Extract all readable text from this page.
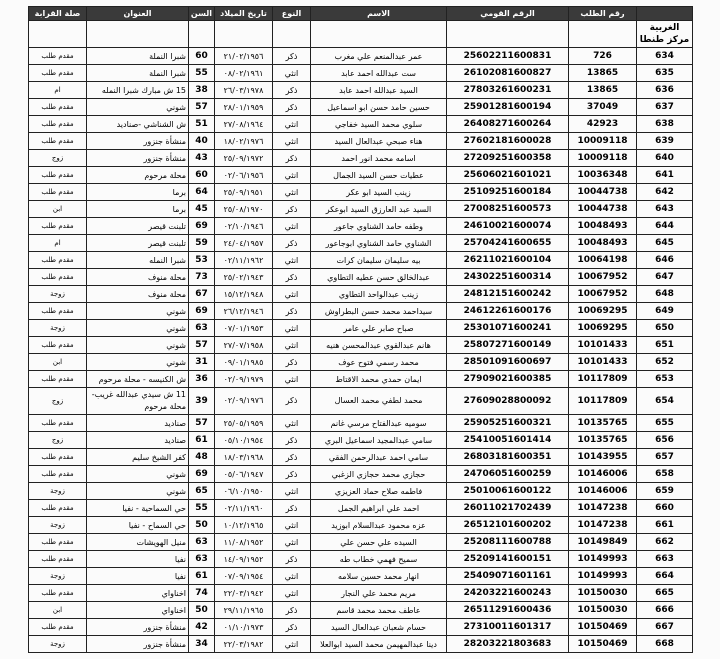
	رقم الطلب	الرقم القومي	الاسم	النوع	تاريخ الميلاد	السن	العنوان	صلة القرابة

الغربية
مركز طنطا								

634	726	25602211600831	عمر عبدالمنعم علي مغرب	ذكر	٢١/٠٢/١٩٥٦	60	شبرا النملة	مقدم طلب
635	13865	26102081600827	ست عبدالله احمد عابد	انثي	٠٨/٠٢/١٩٦١	55	شبرا النملة	مقدم طلب
636	13865	27803261600231	السيد عبدالله احمد عابد	ذكر	٢٦/٠٣/١٩٧٨	38	15 ش مبارك شبرا النمله	ام
637	37049	25901281600194	حسين حامد حسن ابو اسماعيل	ذكر	٢٨/٠١/١٩٥٩	57	شوني	مقدم طلب
638	42923	26408271600264	سلوي محمد السيد خفاجي	انثي	٢٧/٠٨/١٩٦٤	51	ش الشناشي -صناديد	مقدم طلب
639	10009118	27602181600028	هناء صبحي عبدالعال السيد	انثي	١٨/٠٢/١٩٧٦	40	منشأة جنزور	مقدم طلب
640	10009118	27209251600358	اسامه محمد انور احمد	ذكر	٢٥/٠٩/١٩٧٢	43	منشأة جنزور	زوج
641	10036348	25606021601021	عطيات حسن السيد الجمال	انثي	٠٢/٠٦/١٩٥٦	60	محلة مرحوم	مقدم طلب
642	10044738	25109251600184	زينب السيد ابو عكر	انثي	٢٥/٠٩/١٩٥١	64	برما	مقدم طلب
643	10044738	27008251600573	السيد عبد العارزق السيد ابوعكر	ذكر	٢٥/٠٨/١٩٧٠	45	برما	ابن
644	10048493	24610021600074	وطفه حامد الشناوي جاعور	انثي	٠٢/١٠/١٩٤٦	69	تلبنت قيصر	مقدم طلب
645	10048493	25704241600655	الشناوي حامد الشناوي ابوجاعور	ذكر	٢٤/٠٤/١٩٥٧	59	تلبنت قيصر	ام
646	10064198	26211021600104	بيه سليمان سليمان كرات	انثي	٠٢/١١/١٩٦٢	53	شبرا النمله	مقدم طلب
647	10067952	24302251600314	عبدالخالق حسن عطيه التطاوي	ذكر	٢٥/٠٢/١٩٤٣	73	محلة منوف	مقدم طلب
648	10067952	24812151600242	زينب عبدالواحد التطاوي	انثي	١٥/١٢/١٩٤٨	67	محلة منوف	زوجة
649	10069295	24612261600176	سيداحمد محمد حسن البطراوش	ذكر	٢٦/١٢/١٩٤٦	69	شوني	مقدم طلب
650	10069295	25301071600241	صباح صابر علي عامر	انثي	٠٧/٠١/١٩٥٣	63	شوني	زوجة
651	10101433	25807271600149	هانم عبدالقوي عبدالمحسن هنيه	انثي	٢٧/٠٧/١٩٥٨	57	شوني	مقدم طلب
652	10101433	28501091600697	محمد رسمي فتوح عوف	ذكر	٠٩/٠١/١٩٨٥	31	شوني	ابن
653	10117809	27909021600385	ايمان حمدي محمد الاقتاط	انثي	٠٢/٠٩/١٩٧٩	36	ش الكنيسه - محلة مرحوم	مقدم طلب
654	10117809	27609028800092	محمد لطفي محمد العسال	ذكر	٠٢/٠٩/١٩٧٦	39	11 ش سيدي عبدالله غريب-محلة مرحوم	زوج
655	10135765	25905251600321	سوميه عبدالفتاح مرسي غانم	انثي	٢٥/٠٥/١٩٥٩	57	صناديد	مقدم طلب
656	10135765	25410051601414	سامي عبدالمجيد اسماعيل البري	ذكر	٠٥/١٠/١٩٥٤	61	صناديد	زوج
657	10143955	26803181600351	سامي احمد عبدالرحمن الفقي	ذكر	١٨/٠٣/١٩٦٨	48	كفر الشيخ سليم	مقدم طلب
658	10146006	24706051600259	حجازي محمد حجازي الزغبي	ذكر	٠٥/٠٦/١٩٤٧	69	شوني	مقدم طلب
659	10146006	25010061600122	فاطمه صلاح حماد العزيزي	انثي	٠٦/١٠/١٩٥٠	65	شوني	زوجة
660	10147238	26011021702439	احمد علي ابراهيم الجمل	ذكر	٠٢/١١/١٩٦٠	55	حي السماحية - نفيا	مقدم طلب
661	10147238	26512101600202	عزه محمود عبدالسلام ابوزيد	انثي	١٠/١٢/١٩٦٥	50	حي السماح - نفيا	زوجة
662	10149849	25208111600788	السيده علي حسن علي	انثي	١١/٠٨/١٩٥٢	63	منيل الهويشات	مقدم طلب
663	10149993	25209141600151	سميح فهمي خطاب طه	ذكر	١٤/٠٩/١٩٥٢	63	نفيا	مقدم طلب
664	10149993	25409071601161	انهار محمد حسين سلامه	انثي	٠٧/٠٩/١٩٥٤	61	نفيا	زوجة
665	10150030	24203221600243	مريم محمد علي النجار	انثي	٢٢/٠٣/١٩٤٢	74	اخناواي	مقدم طلب
666	10150030	26511291600436	عاطف محمد محمد قاسم	ذكر	٢٩/١١/١٩٦٥	50	اخناواي	ابن
667	10150469	27310011601317	حسام شعبان عبدالعال السيد	ذكر	٠١/١٠/١٩٧٣	42	منشأة جنزور	مقدم طلب
668	10150469	28203221803683	دينا عبدالمهيمن محمد السيد ابوالعلا	انثي	٢٢/٠٣/١٩٨٢	34	منشأة جنزور	زوجة
